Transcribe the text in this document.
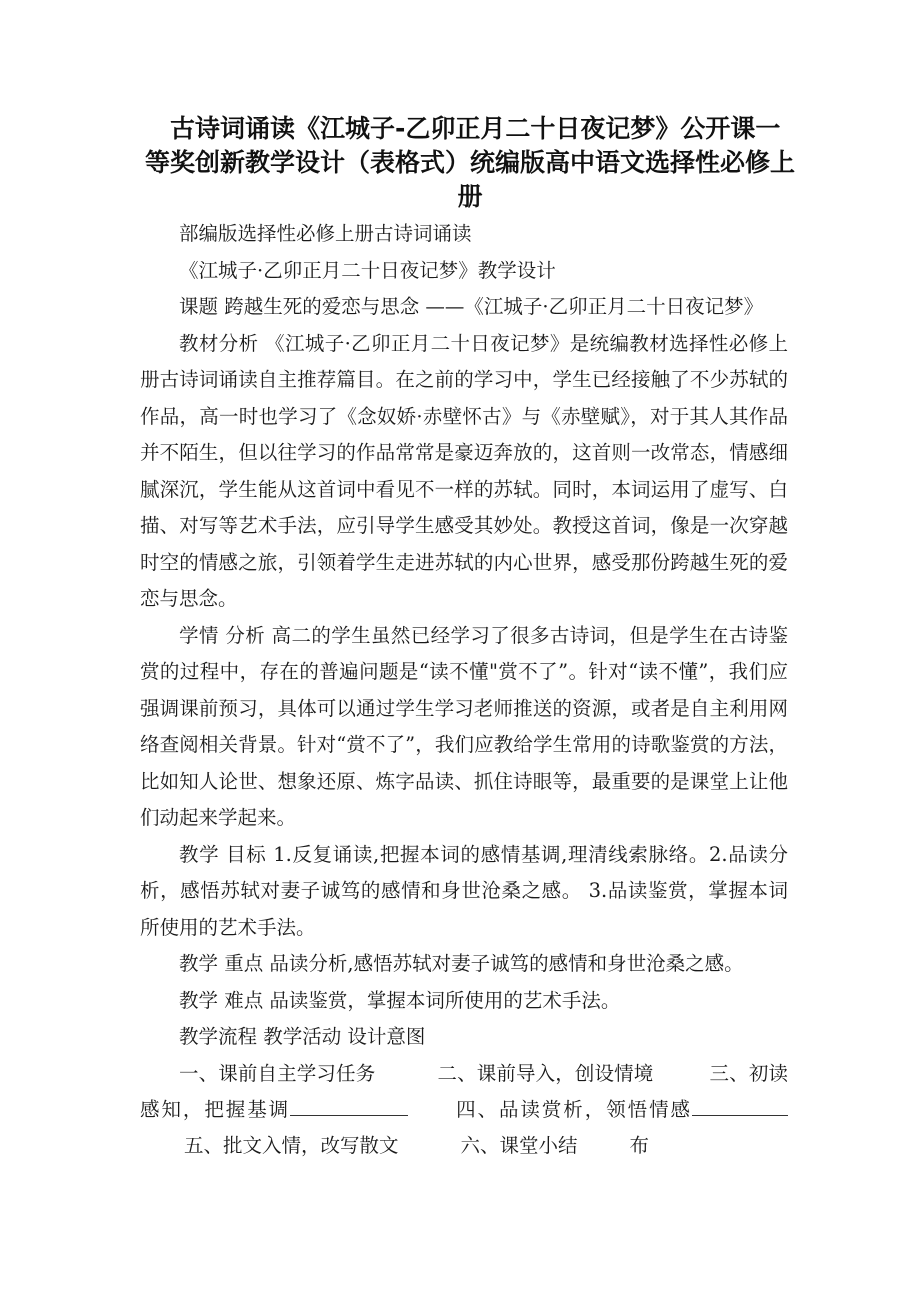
古诗词诵读《江城子-乙卯正月二十日夜记梦》公开课一
等奖创新教学设计（表格式）统编版高中语文选择性必修上
册

部编版选择性必修上册古诗词诵读

《江城子·乙卯正月二十日夜记梦》教学设计

课题 跨越生死的爱恋与思念 ——《江城子·乙卯正月二十日夜记梦》

教材分析 《江城子·乙卯正月二十日夜记梦》是统编教材选择性必修上册古诗词诵读自主推荐篇目。在之前的学习中，学生已经接触了不少苏轼的作品，高一时也学习了《念奴娇·赤壁怀古》与《赤壁赋》，对于其人其作品并不陌生，但以往学习的作品常常是豪迈奔放的，这首则一改常态，情感细腻深沉，学生能从这首词中看见不一样的苏轼。同时，本词运用了虚写、白描、对写等艺术手法，应引导学生感受其妙处。教授这首词，像是一次穿越时空的情感之旅，引领着学生走进苏轼的内心世界，感受那份跨越生死的爱恋与思念。

学情 分析 高二的学生虽然已经学习了很多古诗词，但是学生在古诗鉴赏的过程中，存在的普遍问题是“读不懂"赏不了”。针对“读不懂”，我们应强调课前预习，具体可以通过学生学习老师推送的资源，或者是自主利用网络查阅相关背景。针对“赏不了”，我们应教给学生常用的诗歌鉴赏的方法，比如知人论世、想象还原、炼字品读、抓住诗眼等，最重要的是课堂上让他们动起来学起来。

教学 目标 1.反复诵读,把握本词的感情基调,理清线索脉络。2.品读分析，感悟苏轼对妻子诚笃的感情和身世沧桑之感。 3.品读鉴赏，掌握本词所使用的艺术手法。

教学 重点 品读分析,感悟苏轼对妻子诚笃的感情和身世沧桑之感。

教学 难点 品读鉴赏，掌握本词所使用的艺术手法。

教学流程 教学活动 设计意图

一、课前自主学习任务	二、课前导入，创设情境	三、初读感知，把握基调	四、品读赏析，领悟情感五、批文入情，改写散文	六、课堂小结	布
